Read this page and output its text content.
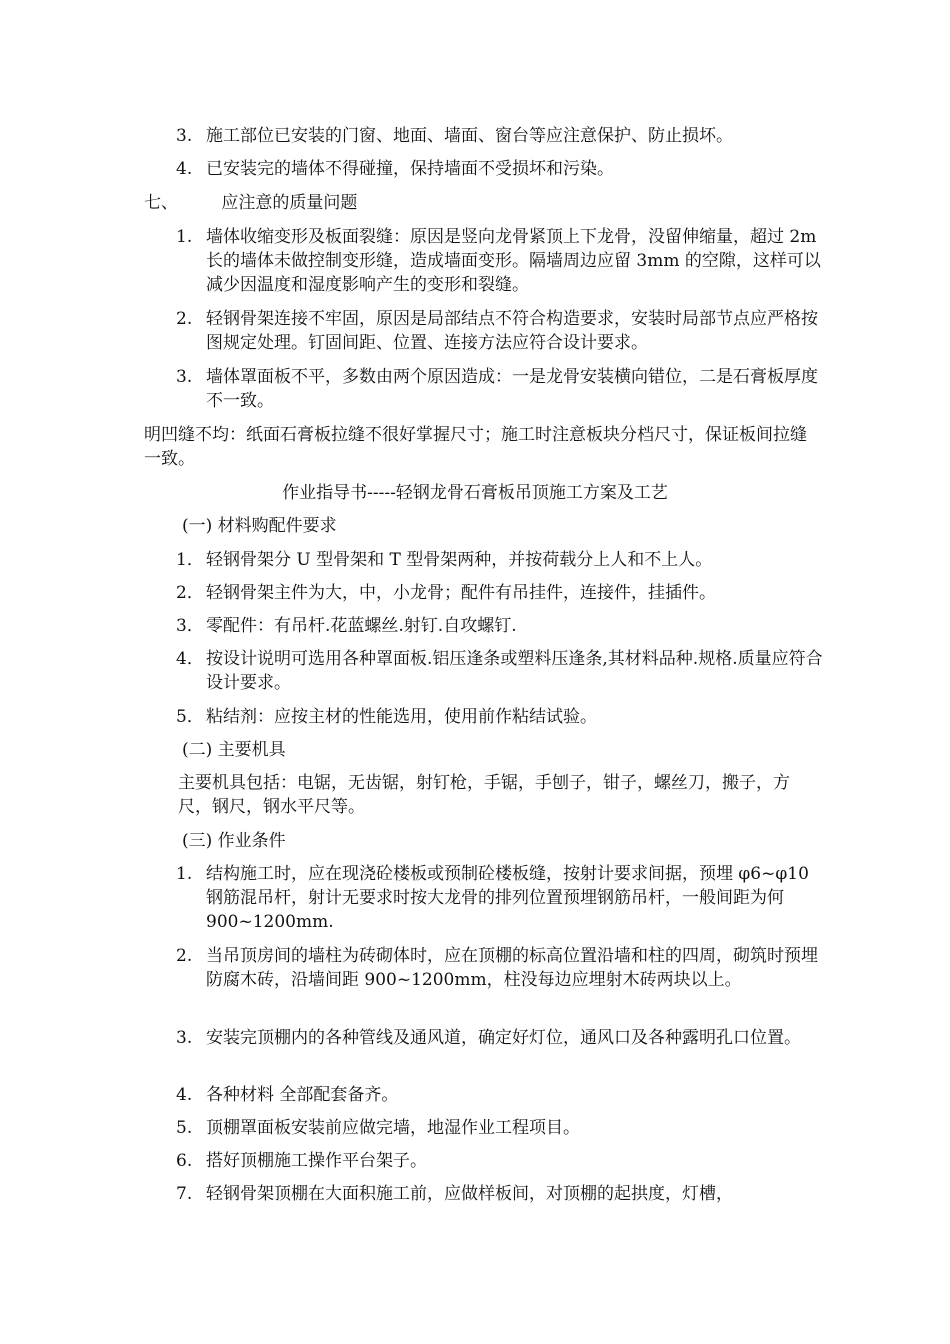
3. 施工部位已安装的门窗、地面、墙面、窗台等应注意保护、防止损坏。
4. 已安装完的墙体不得碰撞，保持墙面不受损坏和污染。
七、	应注意的质量问题
1. 墙体收缩变形及板面裂缝：原因是竖向龙骨紧顶上下龙骨，没留伸缩量，超过 2m 长的墙体未做控制变形缝，造成墙面变形。隔墙周边应留 3mm 的空隙，这样可以减少因温度和湿度影响产生的变形和裂缝。
2. 轻钢骨架连接不牢固，原因是局部结点不符合构造要求，安装时局部节点应严格按图规定处理。钉固间距、位置、连接方法应符合设计要求。
3. 墙体罩面板不平，多数由两个原因造成：一是龙骨安装横向错位，二是石膏板厚度不一致。

明凹缝不均：纸面石膏板拉缝不很好掌握尺寸；施工时注意板块分档尺寸，保证板间拉缝一致。

作业指导书-----轻钢龙骨石膏板吊顶施工方案及工艺
(一) 材料购配件要求
1． 轻钢骨架分 U 型骨架和 T 型骨架两种，并按荷载分上人和不上人。
2． 轻钢骨架主件为大，中，小龙骨；配件有吊挂件，连接件，挂插件。
3． 零配件：有吊杆.花蓝螺丝.射钉.自攻螺钉.
4． 按设计说明可选用各种罩面板.铝压逢条或塑料压逢条,其材料品种.规格.质量应符合设计要求。
5． 粘结剂：应按主材的性能选用，使用前作粘结试验。
(二) 主要机具

主要机具包括：电锯，无齿锯，射钉枪，手锯，手刨子，钳子，螺丝刀，搬子，方尺，钢尺，钢水平尺等。

(三) 作业条件
1. 结构施工时，应在现浇砼楼板或预制砼楼板缝，按射计要求间据，预埋 φ6~φ10 钢筋混吊杆，射计无要求时按大龙骨的排列位置预埋钢筋吊杆，一般间距为何 900~1200mm.
2. 当吊顶房间的墙柱为砖砌体时，应在顶棚的标高位置沿墙和柱的四周，砌筑时预埋防腐木砖，沿墙间距 900~1200mm，柱没每边应埋射木砖两块以上。
3. 安装完顶棚内的各种管线及通风道，确定好灯位，通风口及各种露明孔口位置。
4. 各种材料 全部配套备齐。
5. 顶棚罩面板安装前应做完墙，地湿作业工程项目。
6. 搭好顶棚施工操作平台架子。
7. 轻钢骨架顶棚在大面积施工前，应做样板间，对顶棚的起拱度，灯槽，
